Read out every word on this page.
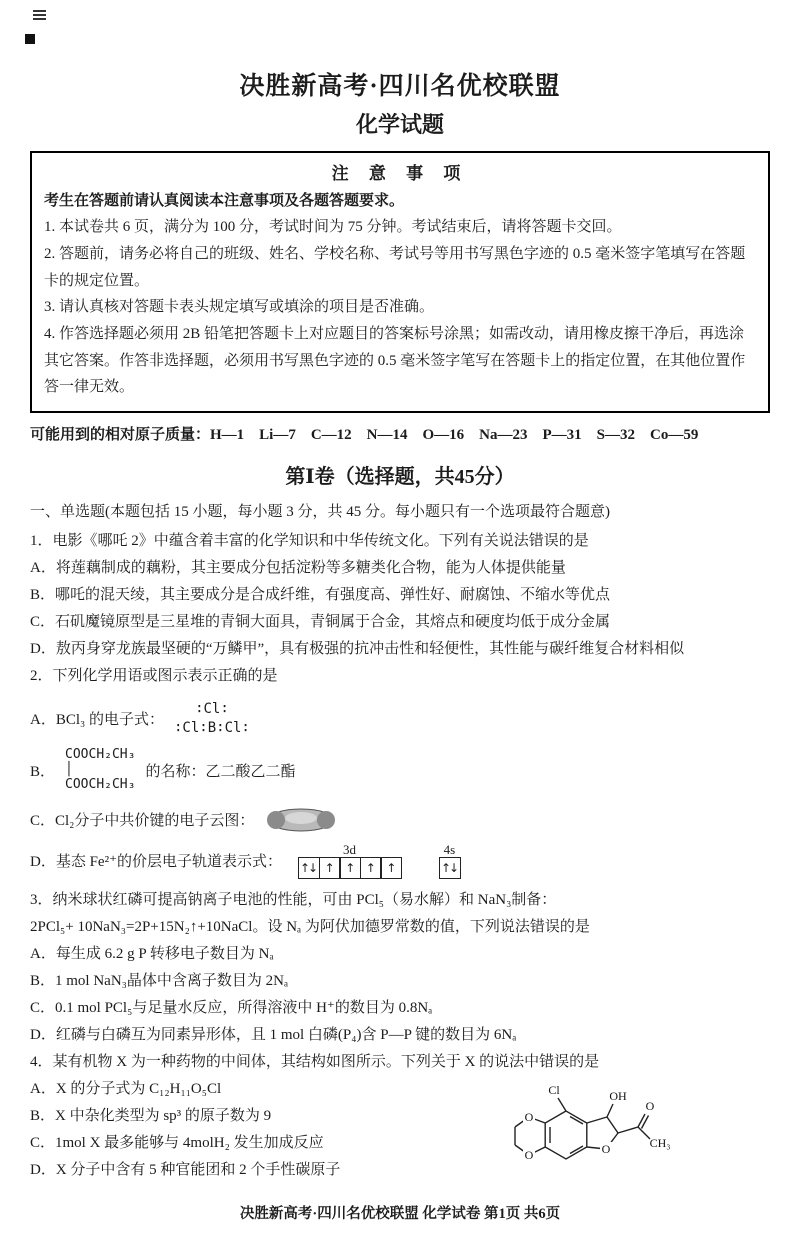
决胜新高考·四川名优校联盟
化学试题
注 意 事 项
考生在答题前请认真阅读本注意事项及各题答题要求。
1. 本试卷共 6 页，满分为 100 分，考试时间为 75 分钟。考试结束后，请将答题卡交回。
2. 答题前，请务必将自己的班级、姓名、学校名称、考试号等用书写黑色字迹的 0.5 毫米签字笔填写在答题卡的规定位置。
3. 请认真核对答题卡表头规定填写或填涂的项目是否准确。
4. 作答选择题必须用 2B 铅笔把答题卡上对应题目的答案标号涂黑；如需改动，请用橡皮擦干净后，再选涂其它答案。作答非选择题，必须用书写黑色字迹的 0.5 毫米签字笔写在答题卡上的指定位置，在其他位置作答一律无效。
可能用到的相对原子质量：H—1　Li—7　C—12　N—14　O—16　Na—23　P—31　S—32　Co—59
第Ⅰ卷（选择题，共45分）
一、单选题(本题包括 15 小题，每小题 3 分，共 45 分。每小题只有一个选项最符合题意)
1．电影《哪吒 2》中蕴含着丰富的化学知识和中华传统文化。下列有关说法错误的是
A．将莲藕制成的藕粉，其主要成分包括淀粉等多糖类化合物，能为人体提供能量
B．哪吒的混天绫，其主要成分是合成纤维，有强度高、弹性好、耐腐蚀、不缩水等优点
C．石矶魔镜原型是三星堆的青铜大面具，青铜属于合金，其熔点和硬度均低于成分金属
D．敖丙身穿龙族最坚硬的“万鳞甲”，具有极强的抗冲击性和轻便性，其性能与碳纤维复合材料相似
2．下列化学用语或图示表示正确的是
A．BCl₃ 的电子式：
∶Cl∶
∶Cl∶B∶Cl∶
B．
COOCH₂CH₃
│
COOCH₂CH₃
的名称：乙二酸乙二酯
C．Cl₂分子中共价键的电子云图：
D．基态 Fe²⁺的价层电子轨道表示式：
3d
↑↓ ↑	↑	↑	↑
4s
↑↓
3．纳米球状红磷可提高钠离子电池的性能，可由 PCl₅（易水解）和 NaN₃制备：
2PCl₅+ 10NaN₃=2P+15N₂↑+10NaCl。设 Nₐ 为阿伏加德罗常数的值，下列说法错误的是
A．每生成 6.2 g P 转移电子数目为 Nₐ
B．1 mol NaN₃晶体中含离子数目为 2Nₐ
C．0.1 mol PCl₅与足量水反应，所得溶液中 H⁺的数目为 0.8Nₐ
D．红磷与白磷互为同素异形体，且 1 mol 白磷(P₄)含 P—P 键的数目为 6Nₐ
4．某有机物 X 为一种药物的中间体，其结构如图所示。下列关于 X 的说法中错误的是
A．X 的分子式为 C₁₂H₁₁O₅Cl
B．X 中杂化类型为 sp³ 的原子数为 9
C．1mol X 最多能够与 4molH₂ 发生加成反应
D．X 分子中含有 5 种官能团和 2 个手性碳原子
Cl	OH
O
O	O
O
CH₃
决胜新高考·四川名优校联盟 化学试卷 第1页 共6页
